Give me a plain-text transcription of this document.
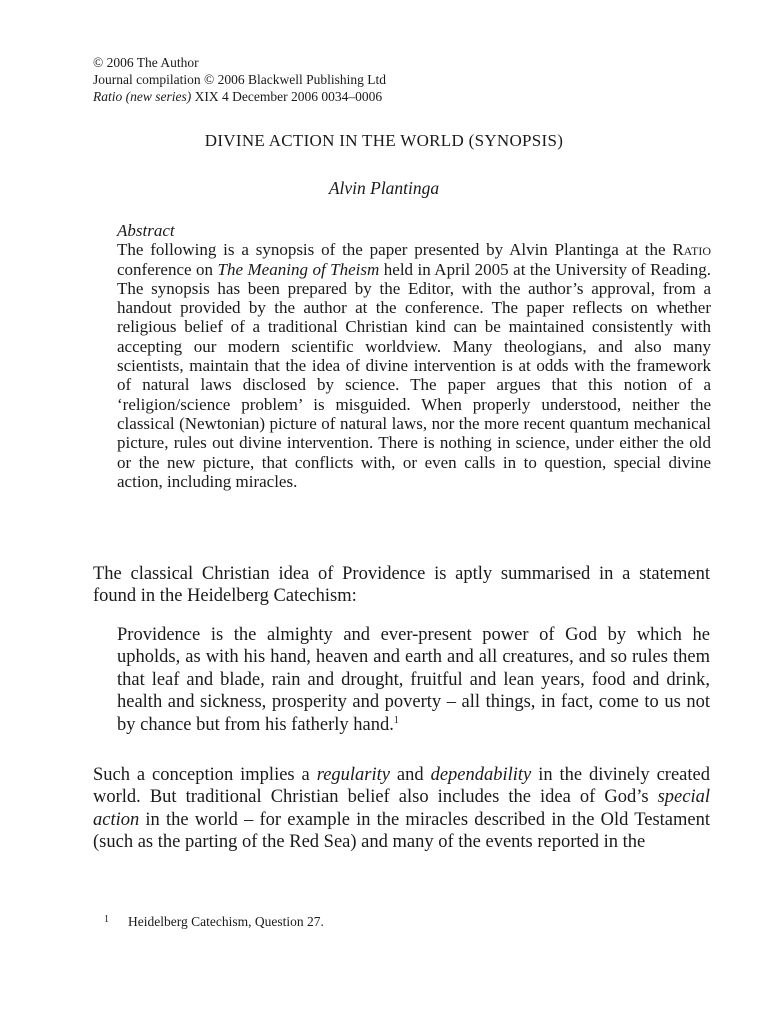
© 2006 The Author
Journal compilation © 2006 Blackwell Publishing Ltd
Ratio (new series) XIX 4 December 2006 0034–0006
DIVINE ACTION IN THE WORLD (SYNOPSIS)
Alvin Plantinga
Abstract
The following is a synopsis of the paper presented by Alvin Plantinga at the Ratio conference on The Meaning of Theism held in April 2005 at the University of Reading. The synopsis has been prepared by the Editor, with the author’s approval, from a handout provided by the author at the conference. The paper reflects on whether religious belief of a traditional Christian kind can be maintained consistently with accepting our modern scientific worldview. Many theologians, and also many scientists, maintain that the idea of divine intervention is at odds with the framework of natural laws disclosed by science. The paper argues that this notion of a ‘religion/science problem’ is misguided. When properly understood, neither the classical (Newtonian) picture of natural laws, nor the more recent quantum mechanical picture, rules out divine intervention. There is nothing in science, under either the old or the new picture, that conflicts with, or even calls in to question, special divine action, including miracles.
The classical Christian idea of Providence is aptly summarised in a statement found in the Heidelberg Catechism:
Providence is the almighty and ever-present power of God by which he upholds, as with his hand, heaven and earth and all creatures, and so rules them that leaf and blade, rain and drought, fruitful and lean years, food and drink, health and sickness, prosperity and poverty – all things, in fact, come to us not by chance but from his fatherly hand.$^1$
Such a conception implies a regularity and dependability in the divinely created world. But traditional Christian belief also includes the idea of God’s special action in the world – for example in the miracles described in the Old Testament (such as the parting of the Red Sea) and many of the events reported in the
1 Heidelberg Catechism, Question 27.
